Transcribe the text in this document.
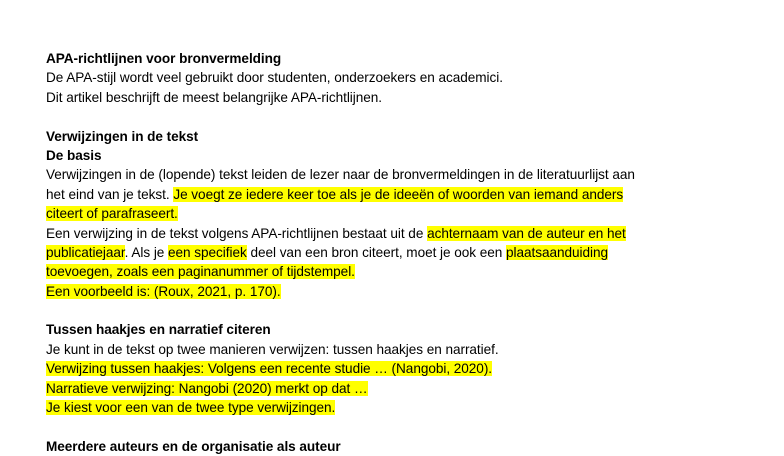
APA-richtlijnen voor bronvermelding
De APA-stijl wordt veel gebruikt door studenten, onderzoekers en academici.
Dit artikel beschrijft de meest belangrijke APA-richtlijnen.
Verwijzingen in de tekst
De basis
Verwijzingen in de (lopende) tekst leiden de lezer naar de bronvermeldingen in de literatuurlijst aan
het eind van je tekst. Je voegt ze iedere keer toe als je de ideeën of woorden van iemand anders
citeert of parafraseert.
Een verwijzing in de tekst volgens APA-richtlijnen bestaat uit de achternaam van de auteur en het
publicatiejaar. Als je een specifiek deel van een bron citeert, moet je ook een plaatsaanduiding
toevoegen, zoals een paginanummer of tijdstempel.
Een voorbeeld is: (Roux, 2021, p. 170).
Tussen haakjes en narratief citeren
Je kunt in de tekst op twee manieren verwijzen: tussen haakjes en narratief.
Verwijzing tussen haakjes: Volgens een recente studie … (Nangobi, 2020).
Narratieve verwijzing: Nangobi (2020) merkt op dat …
Je kiest voor een van de twee type verwijzingen.
Meerdere auteurs en de organisatie als auteur
